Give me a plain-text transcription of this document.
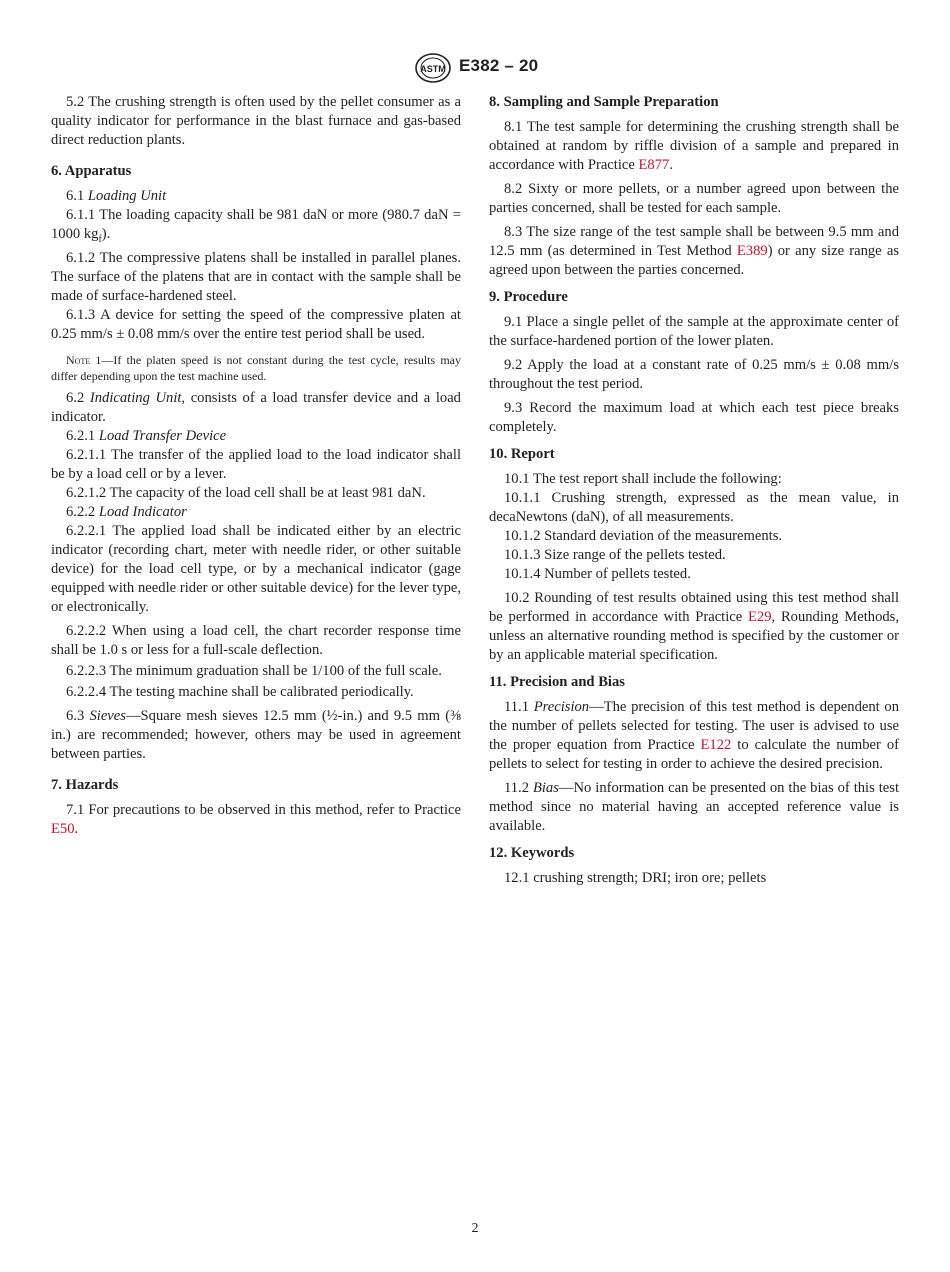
ASTM E382 – 20

5.2 The crushing strength is often used by the pellet consumer as a quality indicator for performance in the blast furnace and gas-based direct reduction plants.

6. Apparatus

6.1 Loading Unit

6.1.1 The loading capacity shall be 981 daN or more (980.7 daN = 1000 $kg_f$).

6.1.2 The compressive platens shall be installed in parallel planes. The surface of the platens that are in contact with the sample shall be made of surface-hardened steel.

6.1.3 A device for setting the speed of the compressive platen at 0.25 mm/s ± 0.08 mm/s over the entire test period shall be used.

Note 1—If the platen speed is not constant during the test cycle, results may differ depending upon the test machine used.

6.2 Indicating Unit, consists of a load transfer device and a load indicator.

6.2.1 Load Transfer Device

6.2.1.1 The transfer of the applied load to the load indicator shall be by a load cell or by a lever.

6.2.1.2 The capacity of the load cell shall be at least 981 daN.

6.2.2 Load Indicator

6.2.2.1 The applied load shall be indicated either by an electric indicator (recording chart, meter with needle rider, or other suitable device) for the load cell type, or by a mechanical indicator (gage equipped with needle rider or other suitable device) for the lever type, or electronically.

6.2.2.2 When using a load cell, the chart recorder response time shall be 1.0 s or less for a full-scale deflection.

6.2.2.3 The minimum graduation shall be 1/100 of the full scale.

6.2.2.4 The testing machine shall be calibrated periodically.

6.3 Sieves—Square mesh sieves 12.5 mm (½-in.) and 9.5 mm (⅜ in.) are recommended; however, others may be used in agreement between parties.

7. Hazards

7.1 For precautions to be observed in this method, refer to Practice E50.

8. Sampling and Sample Preparation

8.1 The test sample for determining the crushing strength shall be obtained at random by riffle division of a sample and prepared in accordance with Practice E877.

8.2 Sixty or more pellets, or a number agreed upon between the parties concerned, shall be tested for each sample.

8.3 The size range of the test sample shall be between 9.5 mm and 12.5 mm (as determined in Test Method E389) or any size range as agreed upon between the parties concerned.

9. Procedure

9.1 Place a single pellet of the sample at the approximate center of the surface-hardened portion of the lower platen.

9.2 Apply the load at a constant rate of 0.25 mm/s ± 0.08 mm/s throughout the test period.

9.3 Record the maximum load at which each test piece breaks completely.

10. Report

10.1 The test report shall include the following:

10.1.1 Crushing strength, expressed as the mean value, in decaNewtons (daN), of all measurements.

10.1.2 Standard deviation of the measurements.

10.1.3 Size range of the pellets tested.

10.1.4 Number of pellets tested.

10.2 Rounding of test results obtained using this test method shall be performed in accordance with Practice E29, Rounding Methods, unless an alternative rounding method is specified by the customer or by an applicable material specification.

11. Precision and Bias

11.1 Precision—The precision of this test method is dependent on the number of pellets selected for testing. The user is advised to use the proper equation from Practice E122 to calculate the number of pellets to select for testing in order to achieve the desired precision.

11.2 Bias—No information can be presented on the bias of this test method since no material having an accepted reference value is available.

12. Keywords

12.1 crushing strength; DRI; iron ore; pellets

2
